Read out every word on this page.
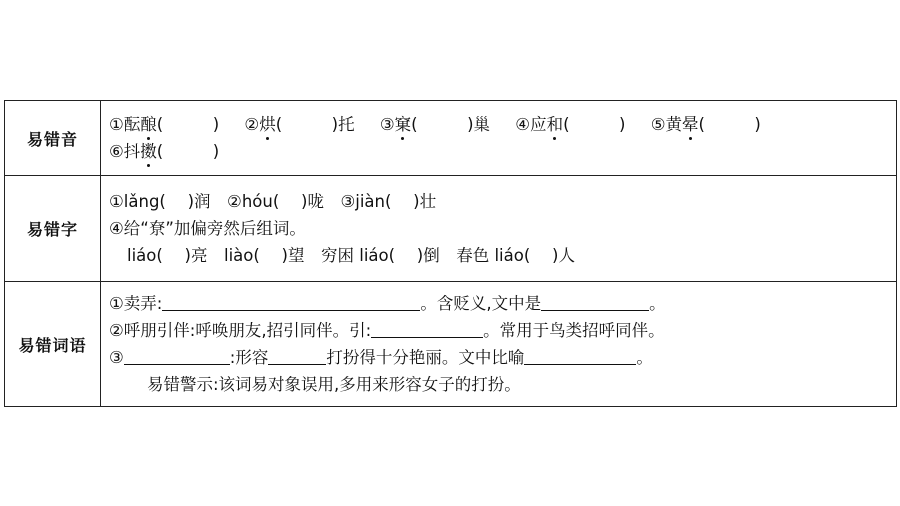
易错音	①酝酿(　　　) ②烘(　　　)托 ③窠(　　　)巢 ④应和(　　　) ⑤黄晕(　　　)
⑥抖擞(　　　)

易错字	①lǎng(　 )润　②hóu(　 )咙　③jiàn(　 )壮
④给“尞”加偏旁然后组词。
liáo(　 )亮　liào(　 )望　穷困 liáo(　 )倒　春色 liáo(　 )人

易错词语	①卖弄: 。含贬义,文中是 。
②呼朋引伴:呼唤朋友,招引同伴。引: 。常用于鸟类招呼同伴。
③ :形容 打扮得十分艳丽。文中比喻 。
易错警示:该词易对象误用,多用来形容女子的打扮。
